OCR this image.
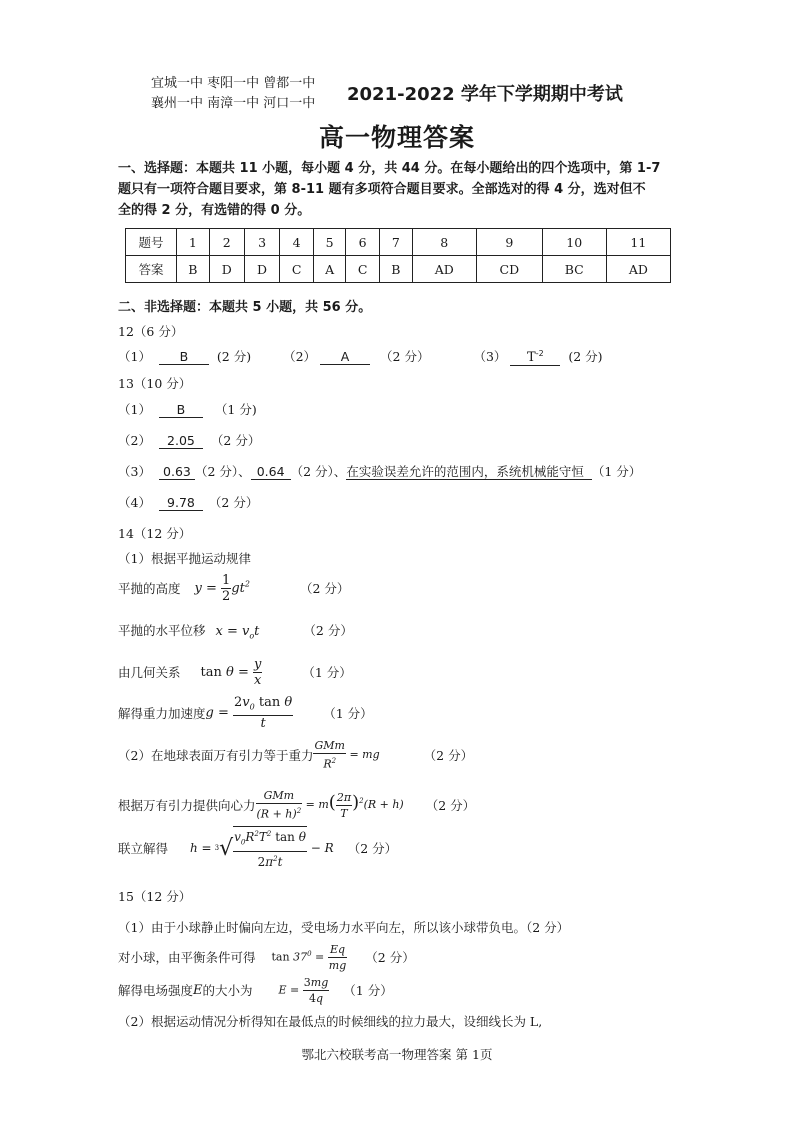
宜城一中 枣阳一中 曾都一中
襄州一中 南漳一中 河口一中 2021-2022 学年下学期期中考试
高一物理答案
一、选择题：本题共 11 小题，每小题 4 分，共 44 分。在每小题给出的四个选项中，第 1-7
题只有一项符合题目要求，第 8-11 题有多项符合题目要求。全部选对的得 4 分，选对但不
全的得 2 分，有选错的得 0 分。
题号	1	2	3	4	5	6	7	8	9	10	11
答案	B	D	D	C	A	C	B	AD	CD	BC	AD
二、非选择题：本题共 5 小题，共 56 分。
12（6 分）
（1） B (2 分)	（2） A （2 分）	（3） $T^{-2}$ (2 分)
13（10 分）
（1） B （1 分)
（2） 2.05 （2 分）
（3） 0.63 （2 分）、 0.64 （2 分）、在实验误差允许的范围内，系统机械能守恒 （1 分）
（4） 9.78 （2 分）
14（12 分）
（1）根据平抛运动规律
平抛的高度 $y = \frac{1}{2} gt^2$	（2 分）
平抛的水平位移 $x = v_ot$	（2 分）
由几何关系 $\tan \theta = \frac{y}{x}$	（1 分）
解得重力加速度 $g = \frac{2v_0 \tan \theta}{t} (1$ 分）
（2）在地球表面万有引力等于重力 $\frac{\text{GMm}}{R^2}$ = mg	（2 分）
根据万有引力提供向心力 $\frac{\text{GMm}}{(R + h)^2} = m( \frac{2\pi}{T} )^2(R + h)$ （2 分）
联立解得 h = 3 √ $\frac{v_0R^2T^2 \tan \theta}{2\pi^2t} - R$ （2 分）
15（12 分）
（1）由于小球静止时偏向左边，受电场力水平向左，所以该小球带负电。（2 分）
对小球，由平衡条件可得 $\tan 37^0 = \frac{Eq}{mg} (2$ 分）
解得电场强度 E 的大小为 $E = \frac{3mg}{4q} (1$ 分）
（2）根据运动情况分析得知在最低点的时候细线的拉力最大，设细线长为 L,
鄂北六校联考高一物理答案 第 1页
